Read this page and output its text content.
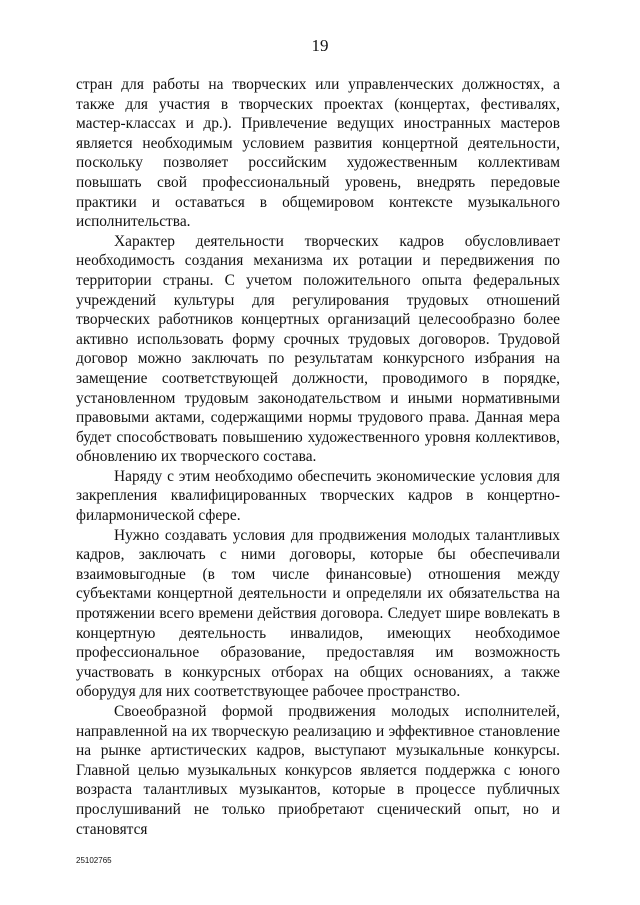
19

стран для работы на творческих или управленческих должностях, а также для участия в творческих проектах (концертах, фестивалях, мастер-классах и др.). Привлечение ведущих иностранных мастеров является необходимым условием развития концертной деятельности, поскольку позволяет российским художественным коллективам повышать свой профессиональный уровень, внедрять передовые практики и оставаться в общемировом контексте музыкального исполнительства.

Характер деятельности творческих кадров обусловливает необходимость создания механизма их ротации и передвижения по территории страны. С учетом положительного опыта федеральных учреждений культуры для регулирования трудовых отношений творческих работников концертных организаций целесообразно более активно использовать форму срочных трудовых договоров. Трудовой договор можно заключать по результатам конкурсного избрания на замещение соответствующей должности, проводимого в порядке, установленном трудовым законодательством и иными нормативными правовыми актами, содержащими нормы трудового права. Данная мера будет способствовать повышению художественного уровня коллективов, обновлению их творческого состава.

Наряду с этим необходимо обеспечить экономические условия для закрепления квалифицированных творческих кадров в концертно-филармонической сфере.

Нужно создавать условия для продвижения молодых талантливых кадров, заключать с ними договоры, которые бы обеспечивали взаимовыгодные (в том числе финансовые) отношения между субъектами концертной деятельности и определяли их обязательства на протяжении всего времени действия договора. Следует шире вовлекать в концертную деятельность инвалидов, имеющих необходимое профессиональное образование, предоставляя им возможность участвовать в конкурсных отборах на общих основаниях, а также оборудуя для них соответствующее рабочее пространство.

Своеобразной формой продвижения молодых исполнителей, направленной на их творческую реализацию и эффективное становление на рынке артистических кадров, выступают музыкальные конкурсы. Главной целью музыкальных конкурсов является поддержка с юного возраста талантливых музыкантов, которые в процессе публичных прослушиваний не только приобретают сценический опыт, но и становятся

25102765
